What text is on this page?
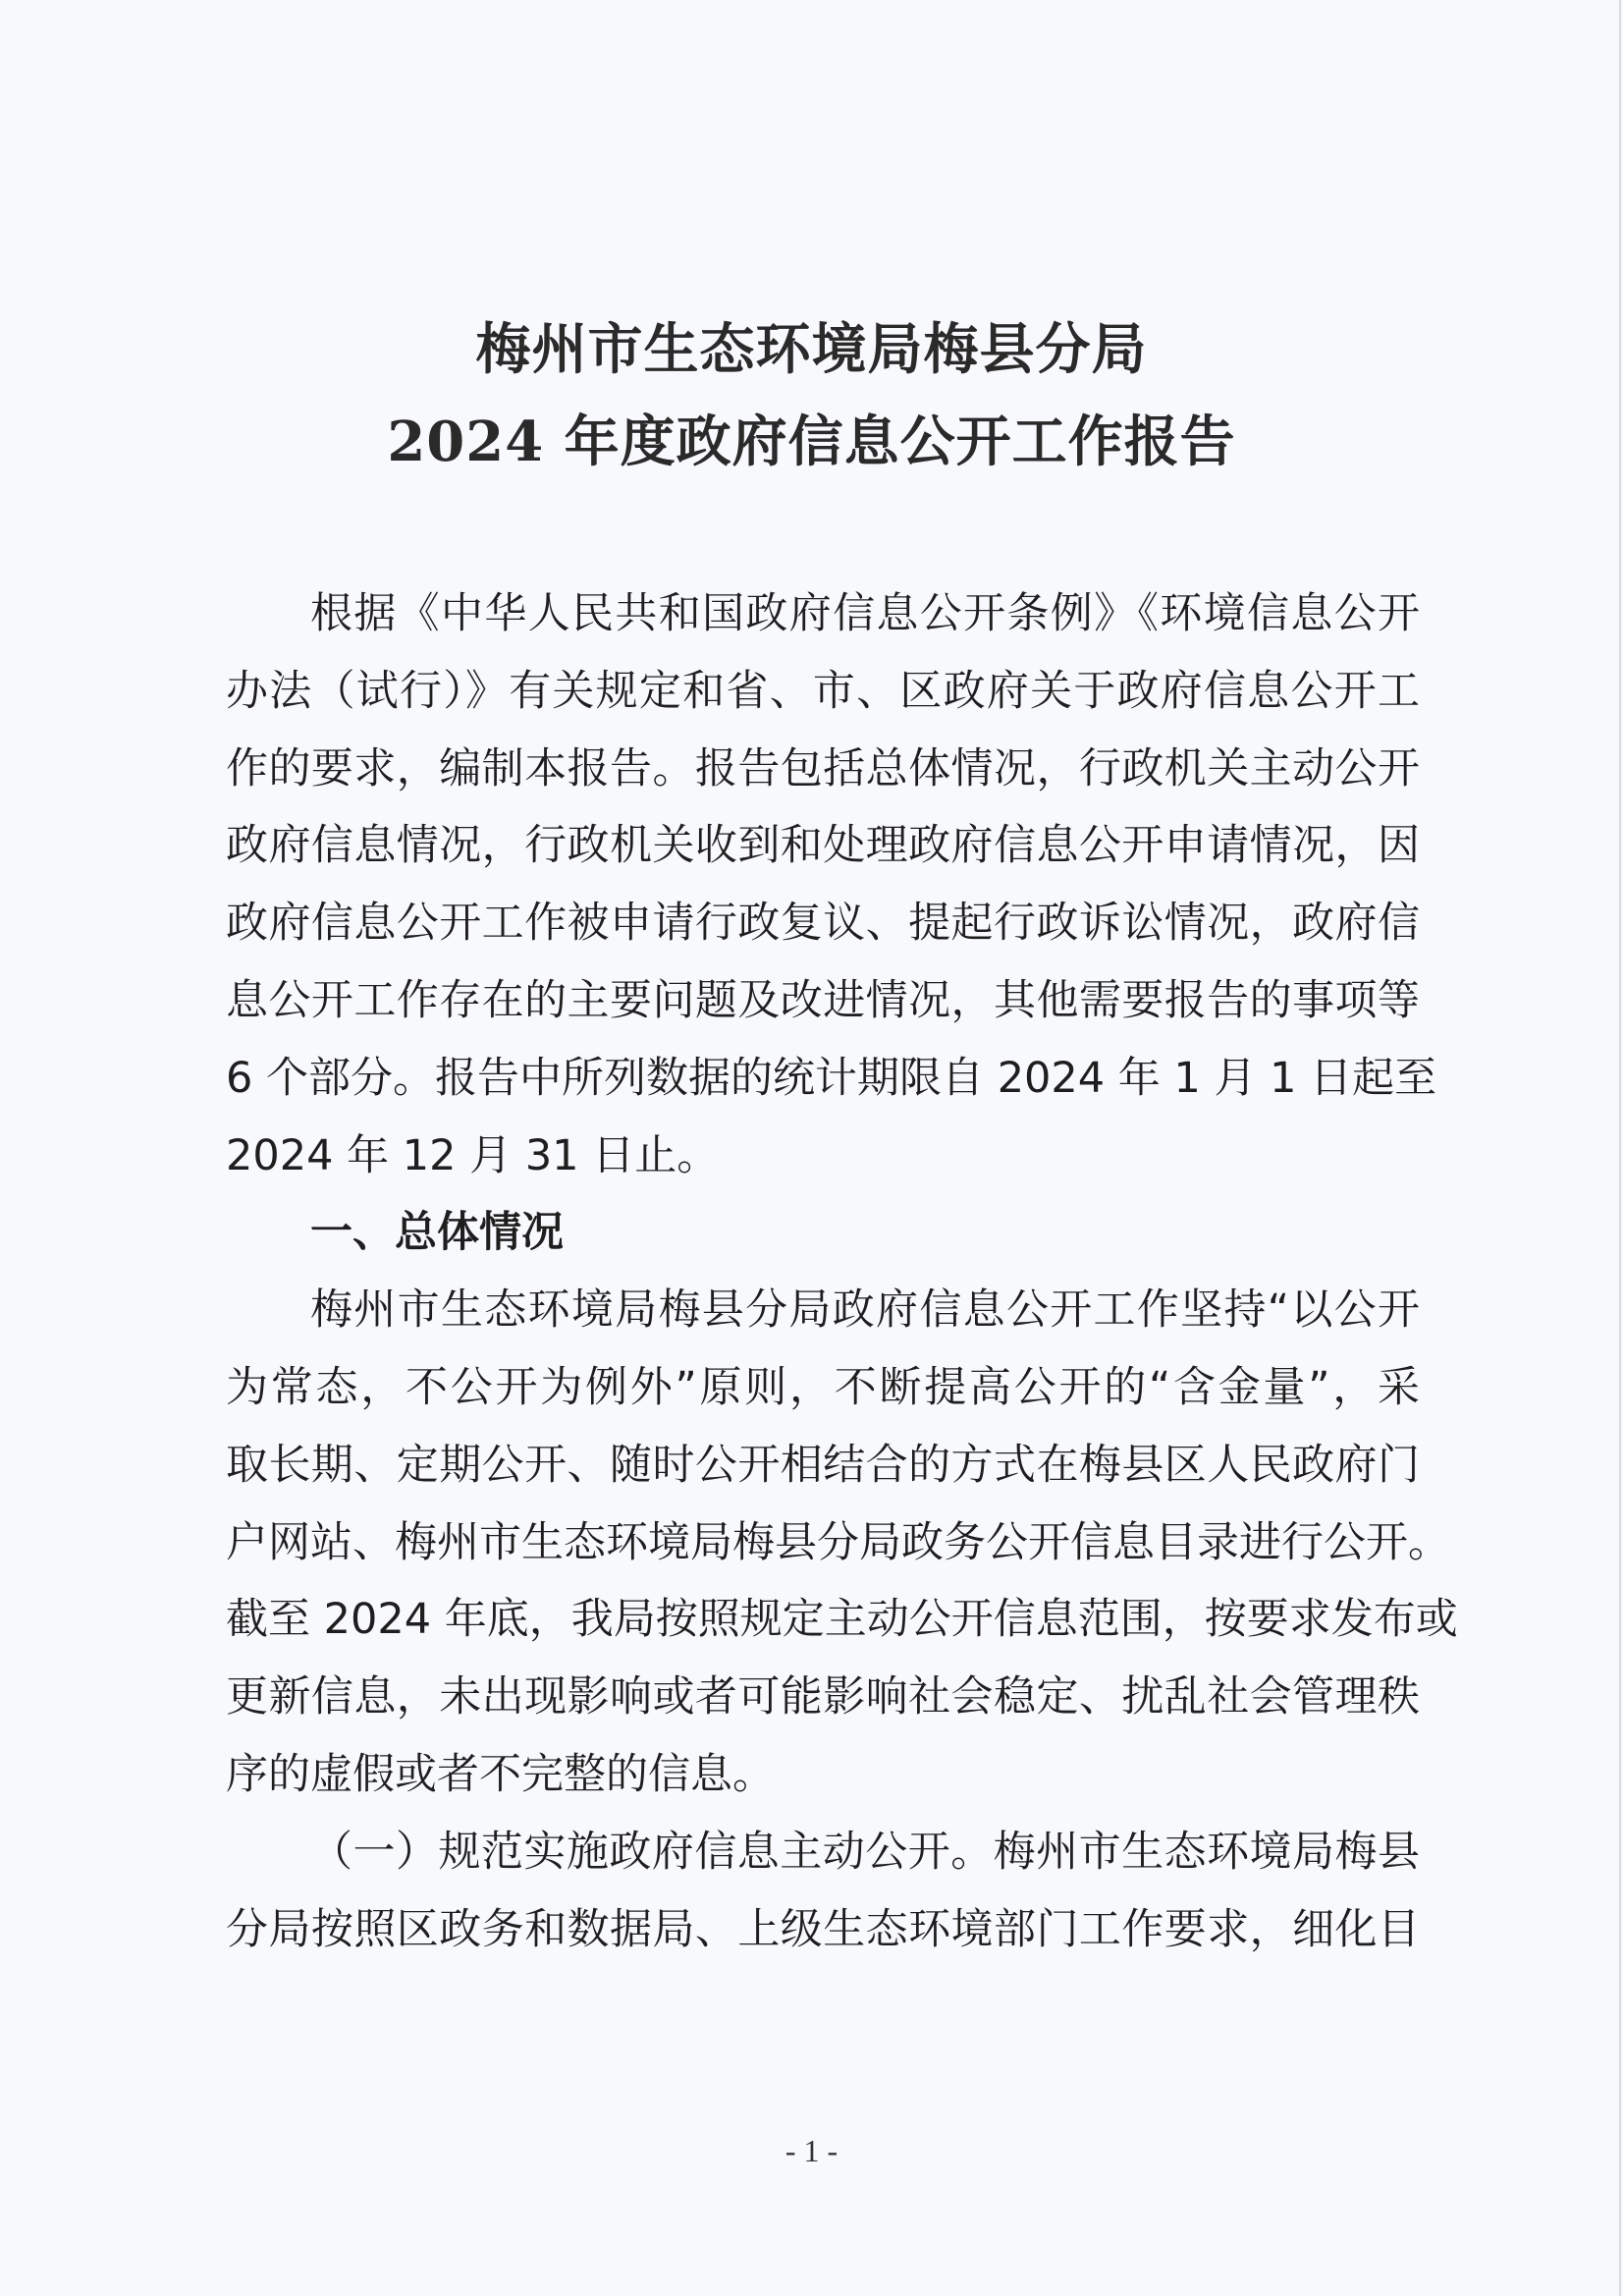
梅州市生态环境局梅县分局
2024 年度政府信息公开工作报告

根据《中华人民共和国政府信息公开条例》《环境信息公开
办法（试行）》有关规定和省、市、区政府关于政府信息公开工
作的要求，编制本报告。报告包括总体情况，行政机关主动公开
政府信息情况，行政机关收到和处理政府信息公开申请情况，因
政府信息公开工作被申请行政复议、提起行政诉讼情况，政府信
息公开工作存在的主要问题及改进情况，其他需要报告的事项等
6 个部分。报告中所列数据的统计期限自 2024 年 1 月 1 日起至
2024 年 12 月 31 日止。

一、总体情况

梅州市生态环境局梅县分局政府信息公开工作坚持“以公开
为常态，不公开为例外”原则，不断提高公开的“含金量”，采
取长期、定期公开、随时公开相结合的方式在梅县区人民政府门
户网站、梅州市生态环境局梅县分局政务公开信息目录进行公开。
截至 2024 年底，我局按照规定主动公开信息范围，按要求发布或
更新信息，未出现影响或者可能影响社会稳定、扰乱社会管理秩
序的虚假或者不完整的信息。

（一）规范实施政府信息主动公开。梅州市生态环境局梅县
分局按照区政务和数据局、上级生态环境部门工作要求，细化目

- 1 -
